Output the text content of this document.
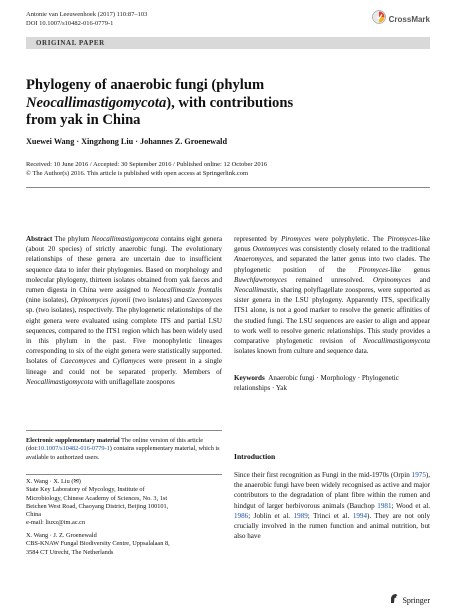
Antonie van Leeuwenhoek (2017) 110:87–103
DOI 10.1007/s10482-016-0779-1	CrossMark
ORIGINAL PAPER
Phylogeny of anaerobic fungi (phylum
Neocallimastigomycota), with contributions
from yak in China
Xuewei Wang · Xingzhong Liu · Johannes Z. Groenewald
Received: 10 June 2016 / Accepted: 30 September 2016 / Published online: 12 October 2016
© The Author(s) 2016. This article is published with open access at Springerlink.com
Abstract The phylum Neocallimastigomycota contains eight genera (about 20 species) of strictly anaerobic fungi. The evolutionary relationships of these genera are uncertain due to insufficient sequence data to infer their phylogenies. Based on morphology and molecular phylogeny, thirteen isolates obtained from yak faeces and rumen digesta in China were assigned to Neocallimastix frontalis (nine isolates), Orpinomyces joyonii (two isolates) and Caecomyces sp. (two isolates), respectively. The phylogenetic relationships of the eight genera were evaluated using complete ITS and partial LSU sequences, compared to the ITS1 region which has been widely used in this phylum in the past. Five monophyletic lineages corresponding to six of the eight genera were statistically supported. Isolates of Caecomyces and Cyllamyces were present in a single lineage and could not be separated properly. Members of Neocallimastigomycota with uniflagellate zoospores
represented by Piromyces were polyphyletic. The Piromyces-like genus Oontomyces was consistently closely related to the traditional Anaeromyces, and separated the latter genus into two clades. The phylogenetic position of the Piromyces-like genus Buwchfawromyces remained unresolved. Orpinomyces and Neocallimastix, sharing polyflagellate zoospores, were supported as sister genera in the LSU phylogeny. Apparently ITS, specifically ITS1 alone, is not a good marker to resolve the generic affinities of the studied fungi. The LSU sequences are easier to align and appear to work well to resolve generic relationships. This study provides a comparative phylogenetic revision of Neocallimastigomycota isolates known from culture and sequence data.
Keywords Anaerobic fungi · Morphology · Phylogenetic relationships · Yak
Electronic supplementary material The online version of this article (doi:10.1007/s10482-016-0779-1) contains supplementary material, which is available to authorized users.
X. Wang · X. Liu (✉)
State Key Laboratory of Mycology, Institute of
Microbiology, Chinese Academy of Sciences, No. 3, 1st
Beichen West Road, Chaoyang District, Beijing 100101,
China
e-mail: liuxz@im.ac.cn
X. Wang · J. Z. Groenewald
CBS-KNAW Fungal Biodiversity Centre, Uppsalalaan 8,
3584 CT Utrecht, The Netherlands
Introduction
Since their first recognition as Fungi in the mid-1970s (Orpin 1975), the anaerobic fungi have been widely recognised as active and major contributors to the degradation of plant fibre within the rumen and hindgut of larger herbivorous animals (Bauchop 1981; Wood et al. 1986; Joblin et al. 1989; Trinci et al. 1994). They are not only crucially involved in the rumen function and animal nutrition, but also have
Springer
